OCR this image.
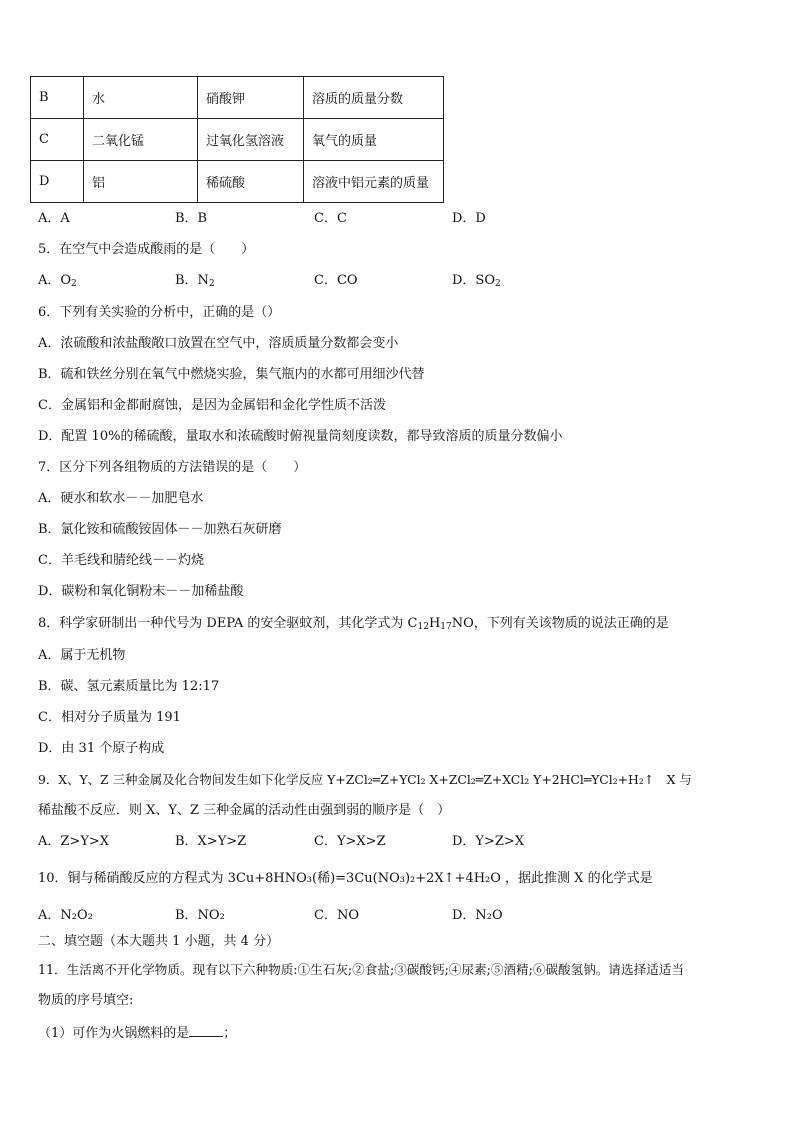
B	水	硝酸钾	溶质的质量分数
C	二氧化锰	过氧化氢溶液	氧气的质量
D	铝	稀硫酸	溶液中铝元素的质量
A．A	B．B	C．C	D．D
5．在空气中会造成酸雨的是（　　）
A．$O_2$	B．$N_2$	C．CO	D．$SO_2$
6．下列有关实验的分析中，正确的是（）
A．浓硫酸和浓盐酸敞口放置在空气中，溶质质量分数都会变小
B．硫和铁丝分别在氧气中燃烧实验，集气瓶内的水都可用细沙代替
C．金属铝和金都耐腐蚀，是因为金属铝和金化学性质不活泼
D．配置 10%的稀硫酸，量取水和浓硫酸时俯视量筒刻度读数，都导致溶质的质量分数偏小
7．区分下列各组物质的方法错误的是（　　）
A．硬水和软水－－加肥皂水
B．氯化铵和硫酸铵固体－－加熟石灰研磨
C．羊毛线和腈纶线－－灼烧
D．碳粉和氧化铜粉末－－加稀盐酸
8．科学家研制出一种代号为 DEPA 的安全驱蚊剂，其化学式为 $C_{12}H_{17}NO$，下列有关该物质的说法正确的是
A．属于无机物
B．碳、氢元素质量比为 12:17
C．相对分子质量为 191
D．由 31 个原子构成
9．X、Y、Z 三种金属及化合物间发生如下化学反应 Y+ZCl₂═Z+YCl₂ X+ZCl₂═Z+XCl₂ Y+2HCl═YCl₂+H₂↑　X 与
稀盐酸不反应．则 X、Y、Z 三种金属的活动性由强到弱的顺序是（　）
A．Z>Y>X	B．X>Y>Z	C．Y>X>Z	D．Y>Z>X
10．铜与稀硝酸反应的方程式为 3Cu+8HNO₃(稀)=3Cu(NO₃)₂+2X↑+4H₂O ，据此推测 X 的化学式是
A．N₂O₂	B．NO₂	C．NO	D．N₂O
二、填空题（本大题共 1 小题，共 4 分）
11．生活离不开化学物质。现有以下六种物质:①生石灰;②食盐;③碳酸钙;④尿素;⑤酒精;⑥碳酸氢钠。请选择适适当
物质的序号填空:
（1）可作为火锅燃料的是	；
